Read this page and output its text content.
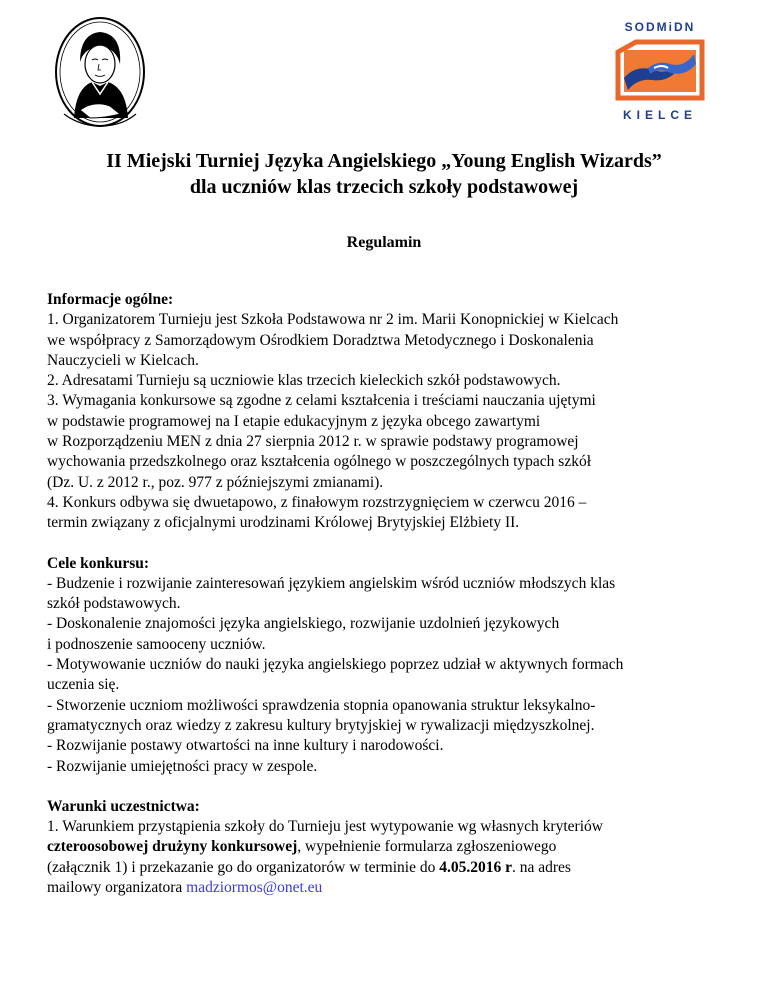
SODMiDN
KIELCE
II Miejski Turniej Języka Angielskiego „Young English Wizards”
dla uczniów klas trzecich szkoły podstawowej
Regulamin
Informacje ogólne:
1. Organizatorem Turnieju jest Szkoła Podstawowa nr 2 im. Marii Konopnickiej w Kielcach
we współpracy z Samorządowym Ośrodkiem Doradztwa Metodycznego i Doskonalenia
Nauczycieli w Kielcach.
2. Adresatami Turnieju są uczniowie klas trzecich kieleckich szkół podstawowych.
3. Wymagania konkursowe są zgodne z celami kształcenia i treściami nauczania ujętymi
w podstawie programowej na I etapie edukacyjnym z języka obcego zawartymi
w Rozporządzeniu MEN z dnia 27 sierpnia 2012 r. w sprawie podstawy programowej
wychowania przedszkolnego oraz kształcenia ogólnego w poszczególnych typach szkół
(Dz. U. z 2012 r., poz. 977 z późniejszymi zmianami).
4. Konkurs odbywa się dwuetapowo, z finałowym rozstrzygnięciem w czerwcu 2016 –
termin związany z oficjalnymi urodzinami Królowej Brytyjskiej Elżbiety II.
Cele konkursu:
- Budzenie i rozwijanie zainteresowań językiem angielskim wśród uczniów młodszych klas
szkół podstawowych.
- Doskonalenie znajomości języka angielskiego, rozwijanie uzdolnień językowych
i podnoszenie samooceny uczniów.
- Motywowanie uczniów do nauki języka angielskiego poprzez udział w aktywnych formach
uczenia się.
- Stworzenie uczniom możliwości sprawdzenia stopnia opanowania struktur leksykalno-
gramatycznych oraz wiedzy z zakresu kultury brytyjskiej w rywalizacji międzyszkolnej.
- Rozwijanie postawy otwartości na inne kultury i narodowości.
- Rozwijanie umiejętności pracy w zespole.
Warunki uczestnictwa:
1. Warunkiem przystąpienia szkoły do Turnieju jest wytypowanie wg własnych kryteriów
czteroosobowej drużyny konkursowej, wypełnienie formularza zgłoszeniowego
(załącznik 1) i przekazanie go do organizatorów w terminie do 4.05.2016 r. na adres
mailowy organizatora madziormos@onet.eu
